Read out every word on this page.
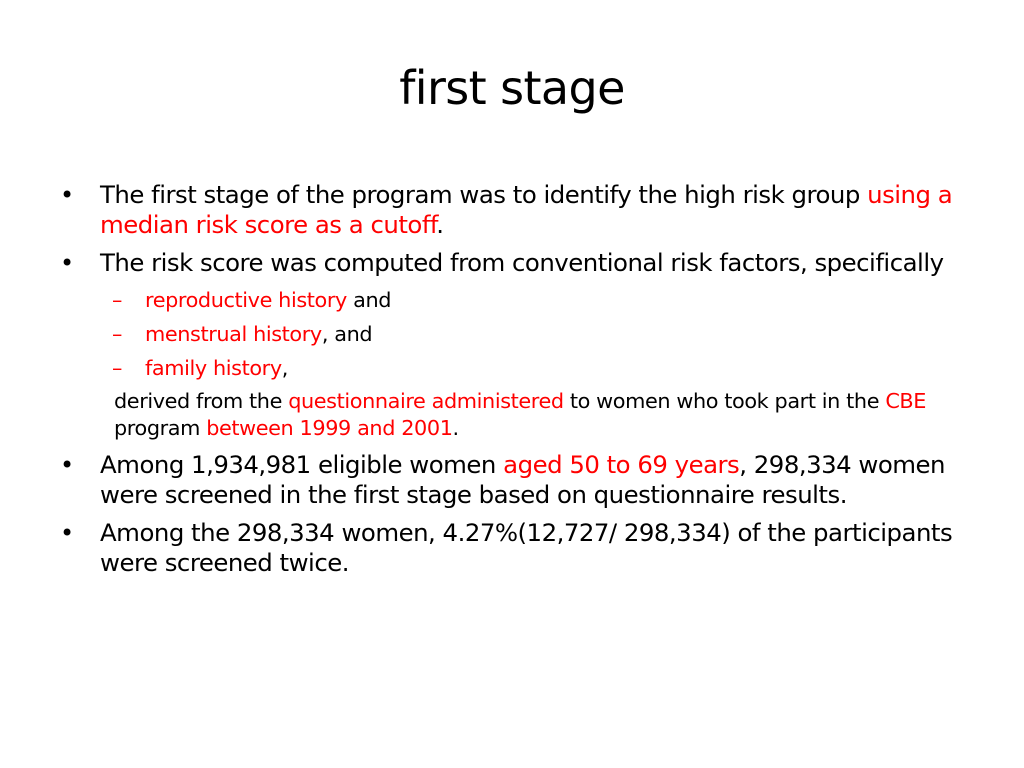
first stage
• The first stage of the program was to identify the high risk group using a median risk score as a cutoff.
• The risk score was computed from conventional risk factors, specifically
– reproductive history and
– menstrual history, and
– family history,
derived from the questionnaire administered to women who took part in the CBE program between 1999 and 2001.
• Among 1,934,981 eligible women aged 50 to 69 years, 298,334 women were screened in the first stage based on questionnaire results.
• Among the 298,334 women, 4.27%(12,727/ 298,334) of the participants were screened twice.
